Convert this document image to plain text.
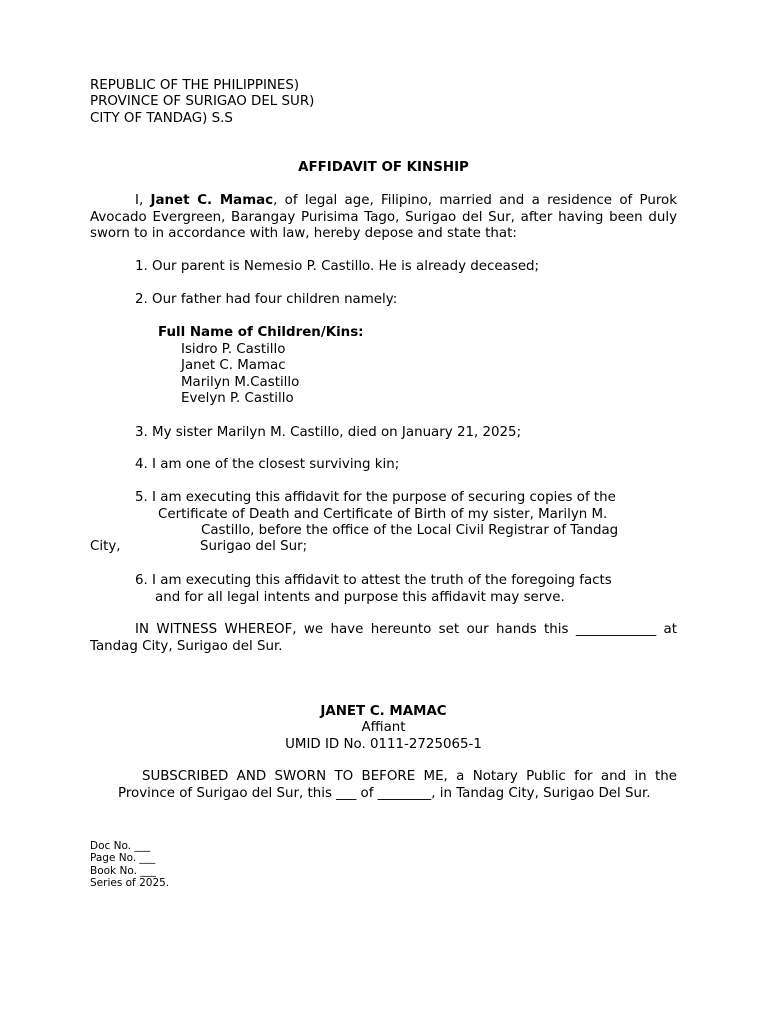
REPUBLIC OF THE PHILIPPINES)
PROVINCE OF SURIGAO DEL SUR)
CITY OF TANDAG) S.S
AFFIDAVIT OF KINSHIP
I, Janet C. Mamac, of legal age, Filipino, married and a residence of Purok Avocado Evergreen, Barangay Purisima Tago, Surigao del Sur, after having been duly sworn to in accordance with law, hereby depose and state that:
1. Our parent is Nemesio P. Castillo. He is already deceased;
2. Our father had four children namely:
Full Name of Children/Kins:
Isidro P. Castillo
Janet C. Mamac
Marilyn M.Castillo
Evelyn P. Castillo
3. My sister Marilyn M. Castillo, died on January 21, 2025;
4. I am one of the closest surviving kin;
5. I am executing this affidavit for the purpose of securing copies of the
Certificate of Death and Certificate of Birth of my sister, Marilyn M.
Castillo, before the office of the Local Civil Registrar of Tandag
City,	Surigao del Sur;
6. I am executing this affidavit to attest the truth of the foregoing facts
and for all legal intents and purpose this affidavit may serve.
IN WITNESS WHEREOF, we have hereunto set our hands this ____________ at Tandag City, Surigao del Sur.
JANET C. MAMAC
Affiant
UMID ID No. 0111-2725065-1
SUBSCRIBED AND SWORN TO BEFORE ME, a Notary Public for and in the Province of Surigao del Sur, this ___ of ________, in Tandag City, Surigao Del Sur.
Doc No. ___
Page No. ___
Book No. ___
Series of 2025.
